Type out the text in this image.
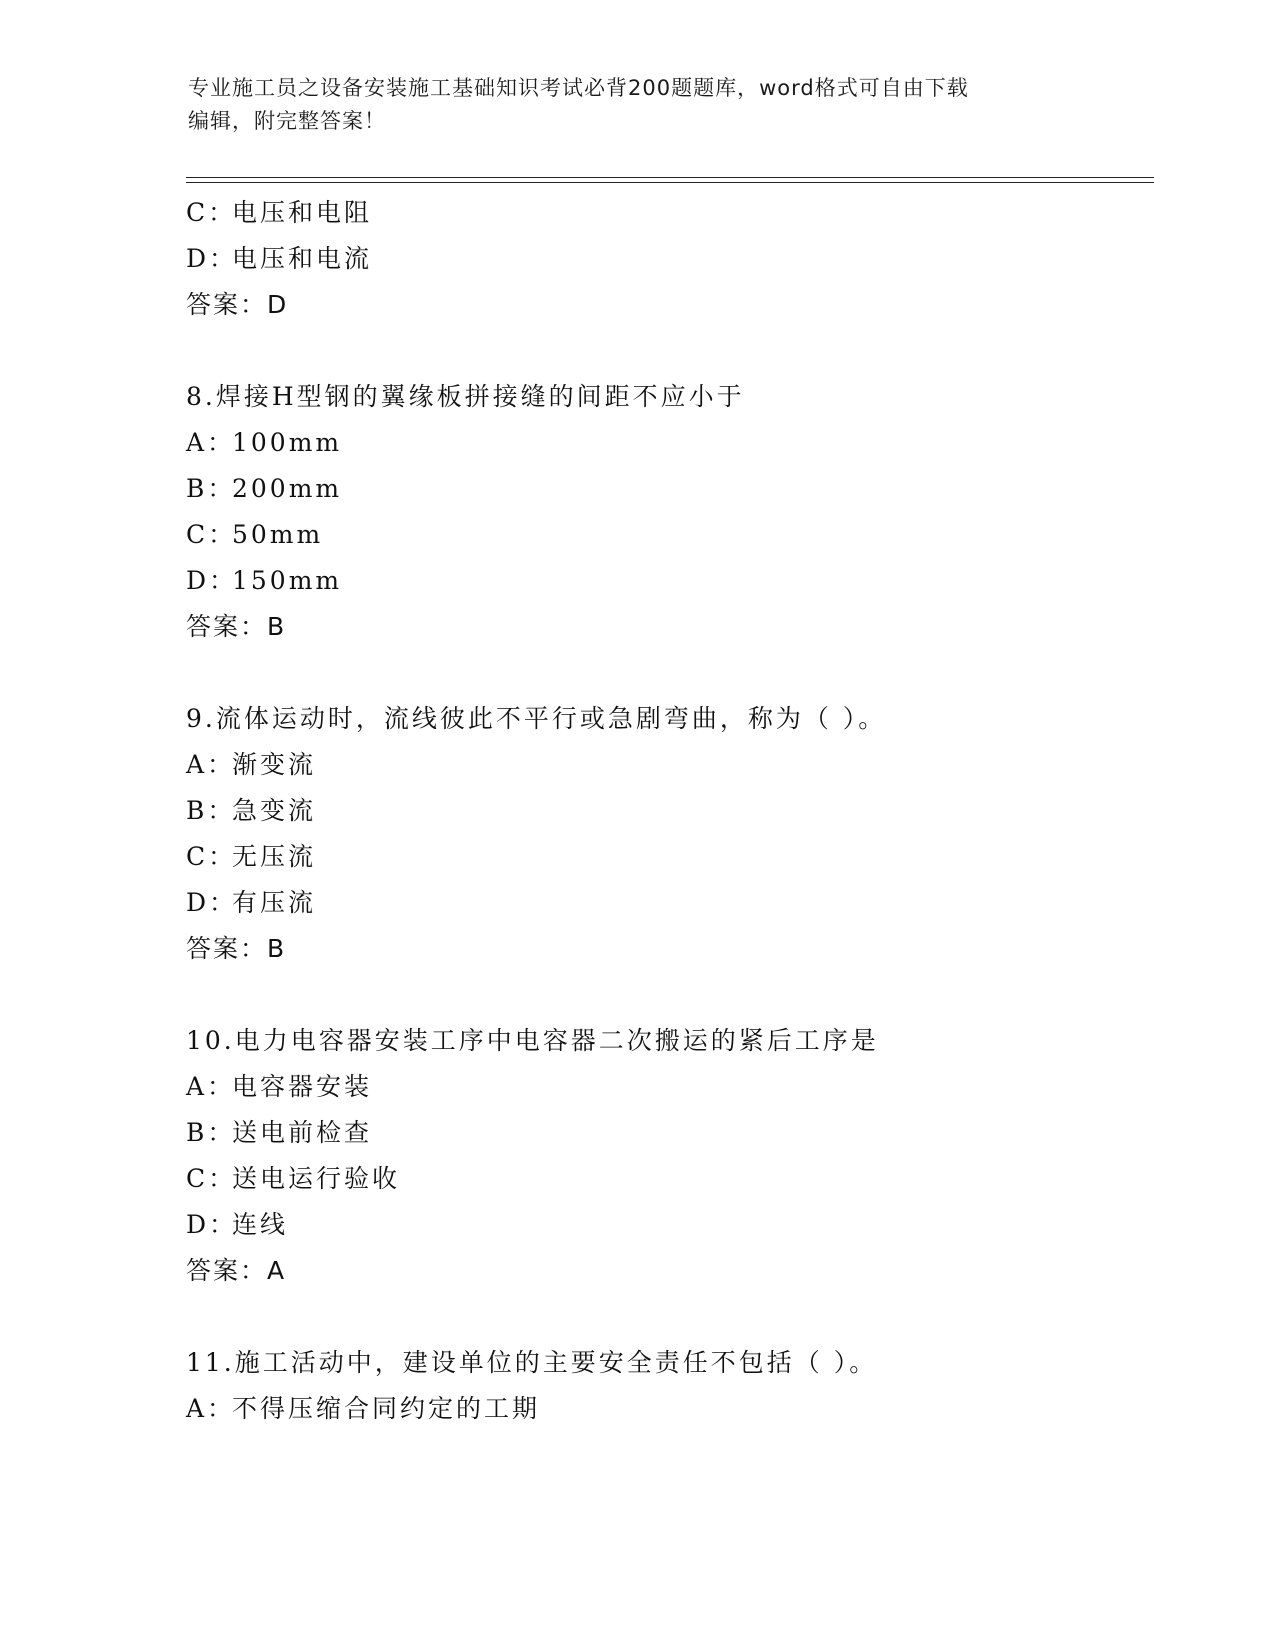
专业施工员之设备安装施工基础知识考试必背200题题库，word格式可自由下载
编辑，附完整答案！
C：电压和电阻
D：电压和电流
答案：D
8.焊接H型钢的翼缘板拼接缝的间距不应小于
A：100mm
B：200mm
C：50mm
D：150mm
答案：B
9.流体运动时，流线彼此不平行或急剧弯曲，称为（ ）。
A：渐变流
B：急变流
C：无压流
D：有压流
答案：B
10.电力电容器安装工序中电容器二次搬运的紧后工序是
A：电容器安装
B：送电前检查
C：送电运行验收
D：连线
答案：A
11.施工活动中，建设单位的主要安全责任不包括（ ）。
A：不得压缩合同约定的工期
